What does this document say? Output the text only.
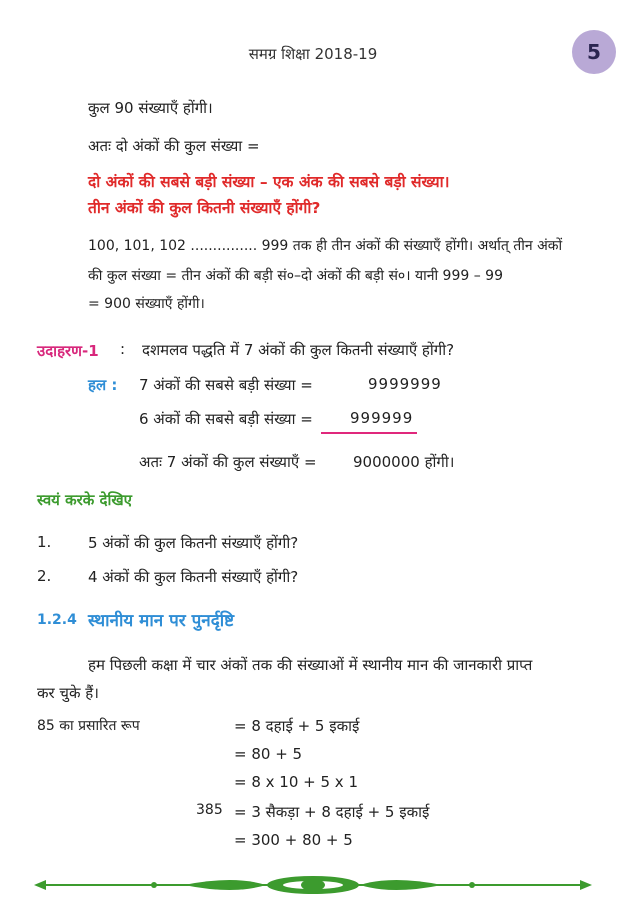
समग्र शिक्षा 2018-19	5
कुल 90 संख्याएँ होंगी।
अतः दो अंकों की कुल संख्या =
दो अंकों की सबसे बड़ी संख्या – एक अंक की सबसे बड़ी संख्या।
तीन अंकों की कुल कितनी संख्याएँ होंगी?
100, 101, 102 ............... 999 तक ही तीन अंकों की संख्याएँ होंगी। अर्थात् तीन अंकों
की कुल संख्या = तीन अंकों की बड़ी सं०–दो अंकों की बड़ी सं०। यानी 999 – 99
= 900 संख्याएँ होंगी।
उदाहरण-1 : दशमलव पद्धति में 7 अंकों की कुल कितनी संख्याएँ होंगी?
हल : 7 अंकों की सबसे बड़ी संख्या =	9999999
6 अंकों की सबसे बड़ी संख्या = 999999
अतः 7 अंकों की कुल संख्याएँ = 9000000 होंगी।
स्वयं करके देखिए
1. 5 अंकों की कुल कितनी संख्याएँ होंगी?
2. 4 अंकों की कुल कितनी संख्याएँ होंगी?
1.2.4 स्थानीय मान पर पुनर्दृष्टि
हम पिछली कक्षा में चार अंकों तक की संख्याओं में स्थानीय मान की जानकारी प्राप्त
कर चुके हैं।
85 का प्रसारित रूप	= 8 दहाई + 5 इकाई
= 80 + 5
= 8 x 10 + 5 x 1
385 = 3 सैकड़ा + 8 दहाई + 5 इकाई
= 300 + 80 + 5
